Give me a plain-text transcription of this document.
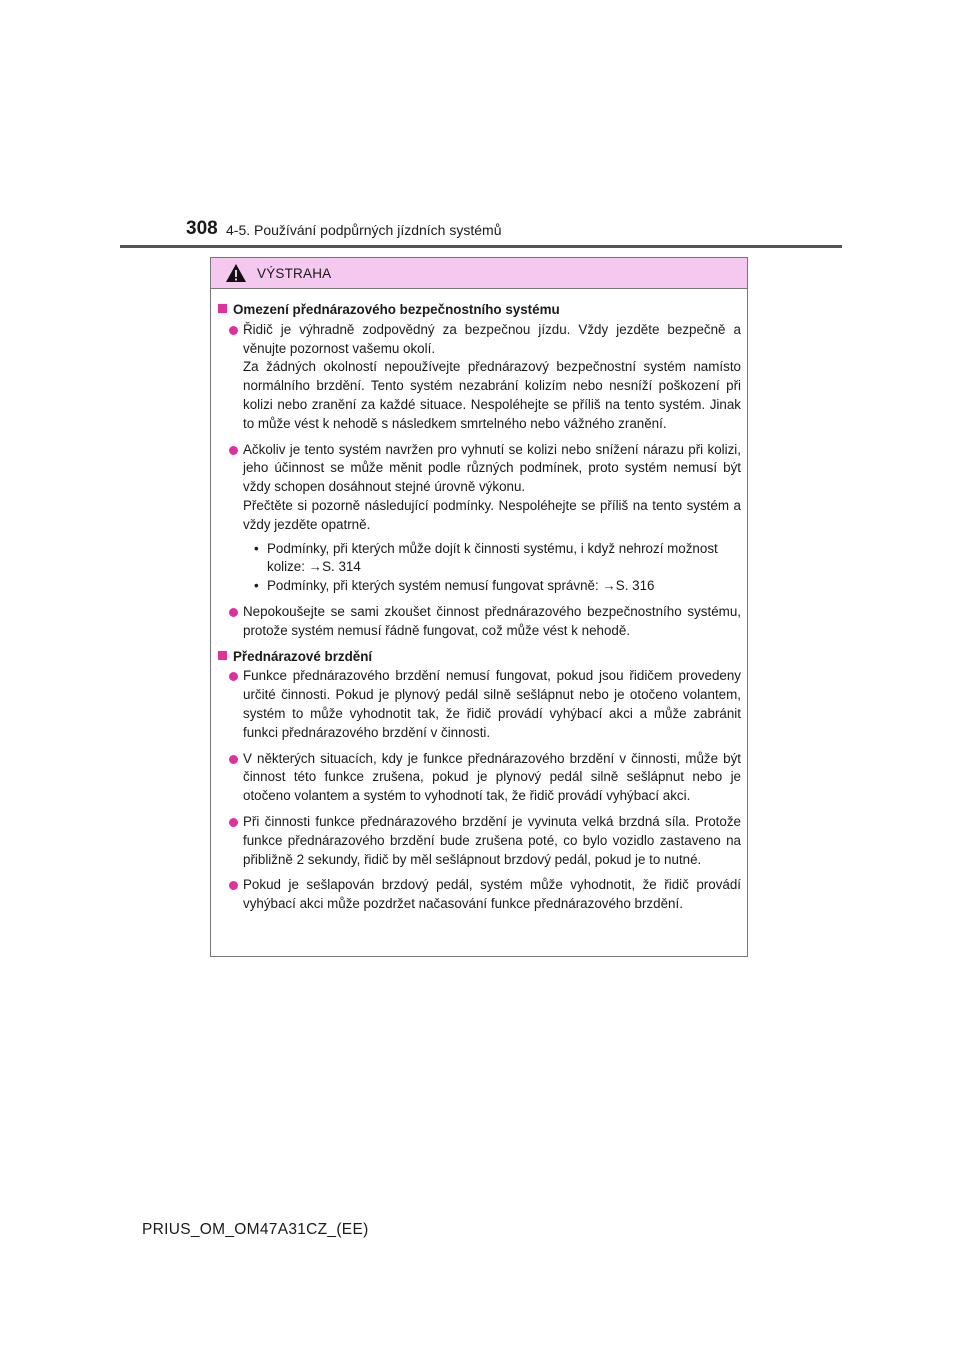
308 4-5. Používání podpůrných jízdních systémů
VÝSTRAHA
Omezení přednárazového bezpečnostního systému

Řidič je výhradně zodpovědný za bezpečnou jízdu. Vždy jezděte bezpečně a věnujte pozornost vašemu okolí.

Za žádných okolností nepoužívejte přednárazový bezpečnostní systém namísto normálního brzdění. Tento systém nezabrání kolizím nebo nesníží poškození při kolizi nebo zranění za každé situace. Nespoléhejte se příliš na tento systém. Jinak to může vést k nehodě s následkem smrtelného nebo vážného zranění.

Ačkoliv je tento systém navržen pro vyhnutí se kolizi nebo snížení nárazu při kolizi, jeho účinnost se může měnit podle různých podmínek, proto systém nemusí být vždy schopen dosáhnout stejné úrovně výkonu.

Přečtěte si pozorně následující podmínky. Nespoléhejte se příliš na tento systém a vždy jezděte opatrně.

• Podmínky, při kterých může dojít k činnosti systému, i když nehrozí možnost kolize: →S. 314
• Podmínky, při kterých systém nemusí fungovat správně: →S. 316

Nepokoušejte se sami zkoušet činnost přednárazového bezpečnostního systému, protože systém nemusí řádně fungovat, což může vést k nehodě.

Přednárazové brzdění

Funkce přednárazového brzdění nemusí fungovat, pokud jsou řidičem provedeny určité činnosti. Pokud je plynový pedál silně sešlápnut nebo je otočeno volantem, systém to může vyhodnotit tak, že řidič provádí vyhýbací akci a může zabránit funkci přednárazového brzdění v činnosti.

V některých situacích, kdy je funkce přednárazového brzdění v činnosti, může být činnost této funkce zrušena, pokud je plynový pedál silně sešlápnut nebo je otočeno volantem a systém to vyhodnotí tak, že řidič provádí vyhýbací akci.

Při činnosti funkce přednárazového brzdění je vyvinuta velká brzdná síla. Protože funkce přednárazového brzdění bude zrušena poté, co bylo vozidlo zastaveno na přibližně 2 sekundy, řidič by měl sešlápnout brzdový pedál, pokud je to nutné.

Pokud je sešlapován brzdový pedál, systém může vyhodnotit, že řidič provádí vyhýbací akci může pozdržet načasování funkce přednárazového brzdění.

PRIUS_OM_OM47A31CZ_(EE)
